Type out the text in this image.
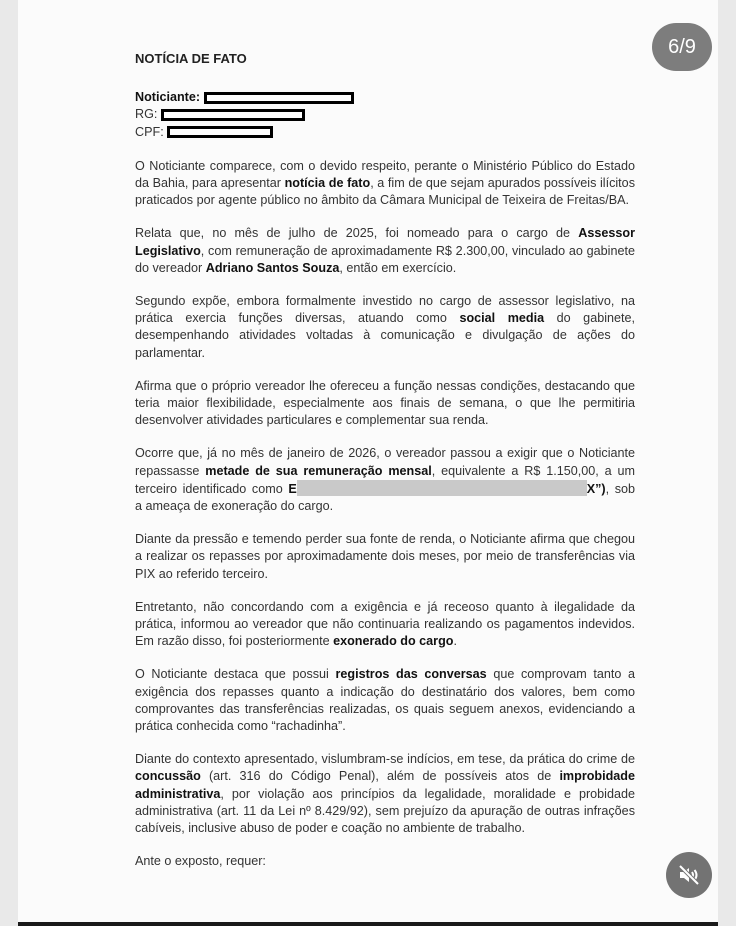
NOTÍCIA DE FATO

Noticiante:

RG:

CPF:

O Noticiante comparece, com o devido respeito, perante o Ministério Público do Estado da Bahia, para apresentar notícia de fato, a fim de que sejam apurados possíveis ilícitos praticados por agente público no âmbito da Câmara Municipal de Teixeira de Freitas/BA.

Relata que, no mês de julho de 2025, foi nomeado para o cargo de Assessor Legislativo, com remuneração de aproximadamente R$ 2.300,00, vinculado ao gabinete do vereador Adriano Santos Souza, então em exercício.

Segundo expõe, embora formalmente investido no cargo de assessor legislativo, na prática exercia funções diversas, atuando como social media do gabinete, desempenhando atividades voltadas à comunicação e divulgação de ações do parlamentar.

Afirma que o próprio vereador lhe ofereceu a função nessas condições, destacando que teria maior flexibilidade, especialmente aos finais de semana, o que lhe permitiria desenvolver atividades particulares e complementar sua renda.

Ocorre que, já no mês de janeiro de 2026, o vereador passou a exigir que o Noticiante repassasse metade de sua remuneração mensal, equivalente a R$ 1.150,00, a um terceiro identificado como E	X”), sob a ameaça de exoneração do cargo.

Diante da pressão e temendo perder sua fonte de renda, o Noticiante afirma que chegou a realizar os repasses por aproximadamente dois meses, por meio de transferências via PIX ao referido terceiro.

Entretanto, não concordando com a exigência e já receoso quanto à ilegalidade da prática, informou ao vereador que não continuaria realizando os pagamentos indevidos. Em razão disso, foi posteriormente exonerado do cargo.

O Noticiante destaca que possui registros das conversas que comprovam tanto a exigência dos repasses quanto a indicação do destinatário dos valores, bem como comprovantes das transferências realizadas, os quais seguem anexos, evidenciando a prática conhecida como “rachadinha”.

Diante do contexto apresentado, vislumbram-se indícios, em tese, da prática do crime de concussão (art. 316 do Código Penal), além de possíveis atos de improbidade administrativa, por violação aos princípios da legalidade, moralidade e probidade administrativa (art. 11 da Lei nº 8.429/92), sem prejuízo da apuração de outras infrações cabíveis, inclusive abuso de poder e coação no ambiente de trabalho.

Ante o exposto, requer:

6/9
